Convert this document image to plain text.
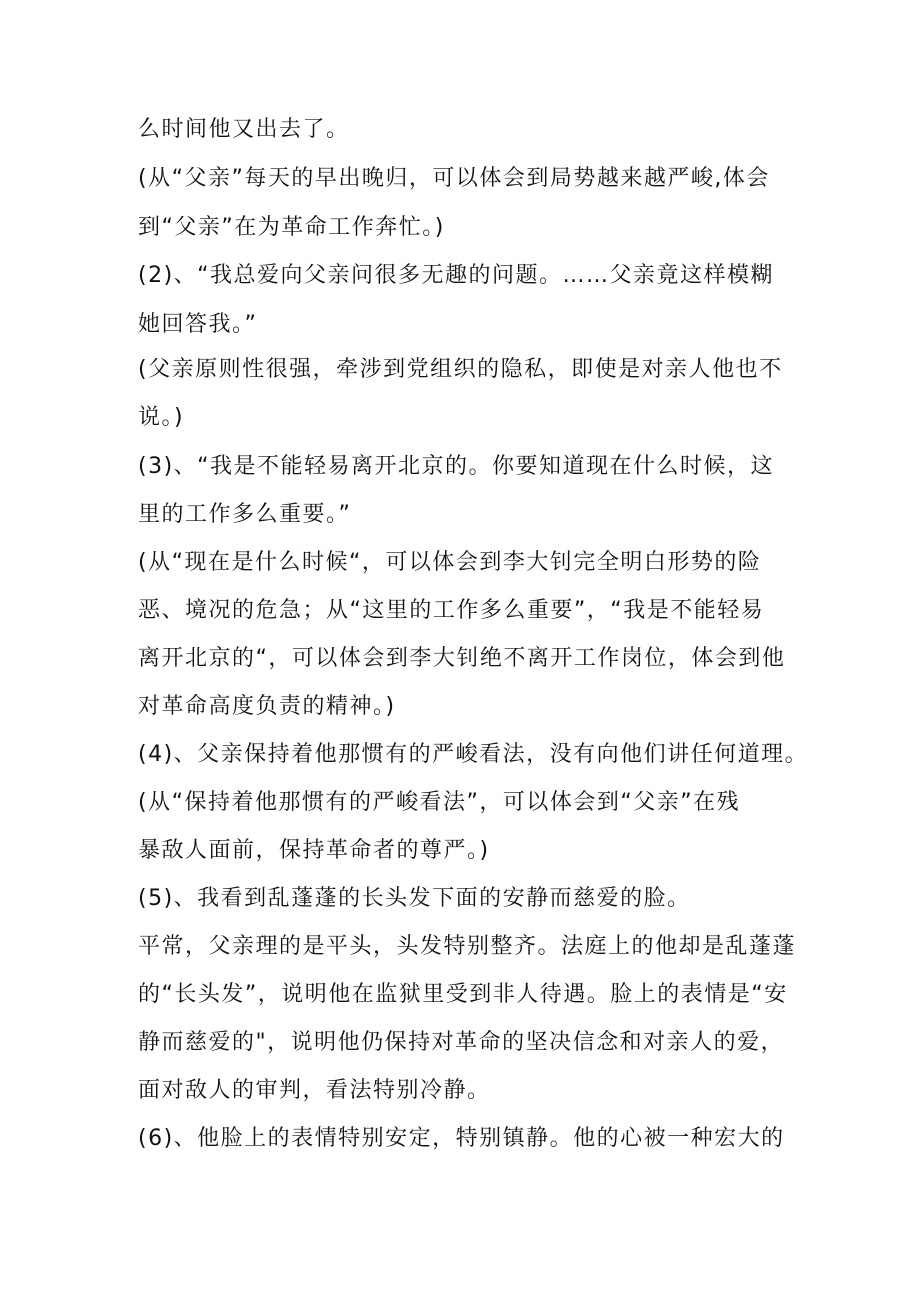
么时间他又出去了。
(从“父亲”每天的早出晚归，可以体会到局势越来越严峻,体会
到“父亲”在为革命工作奔忙。)
(2)、“我总爱向父亲问很多无趣的问题。……父亲竟这样模糊
她回答我。”
(父亲原则性很强，牵涉到党组织的隐私，即使是对亲人他也不
说。)
(3)、“我是不能轻易离开北京的。你要知道现在什么时候，这
里的工作多么重要。”
(从“现在是什么时候“，可以体会到李大钊完全明白形势的险
恶、境况的危急；从“这里的工作多么重要”，“我是不能轻易
离开北京的“，可以体会到李大钊绝不离开工作岗位，体会到他
对革命高度负责的精神。)
(4)、父亲保持着他那惯有的严峻看法，没有向他们讲任何道理。
(从“保持着他那惯有的严峻看法”，可以体会到“父亲”在残
暴敌人面前，保持革命者的尊严。)
(5)、我看到乱蓬蓬的长头发下面的安静而慈爱的脸。
平常，父亲理的是平头，头发特别整齐。法庭上的他却是乱蓬蓬
的“长头发”，说明他在监狱里受到非人待遇。脸上的表情是“安
静而慈爱的"，说明他仍保持对革命的坚决信念和对亲人的爱，
面对敌人的审判，看法特别冷静。
(6)、他脸上的表情特别安定，特别镇静。他的心被一种宏大的
